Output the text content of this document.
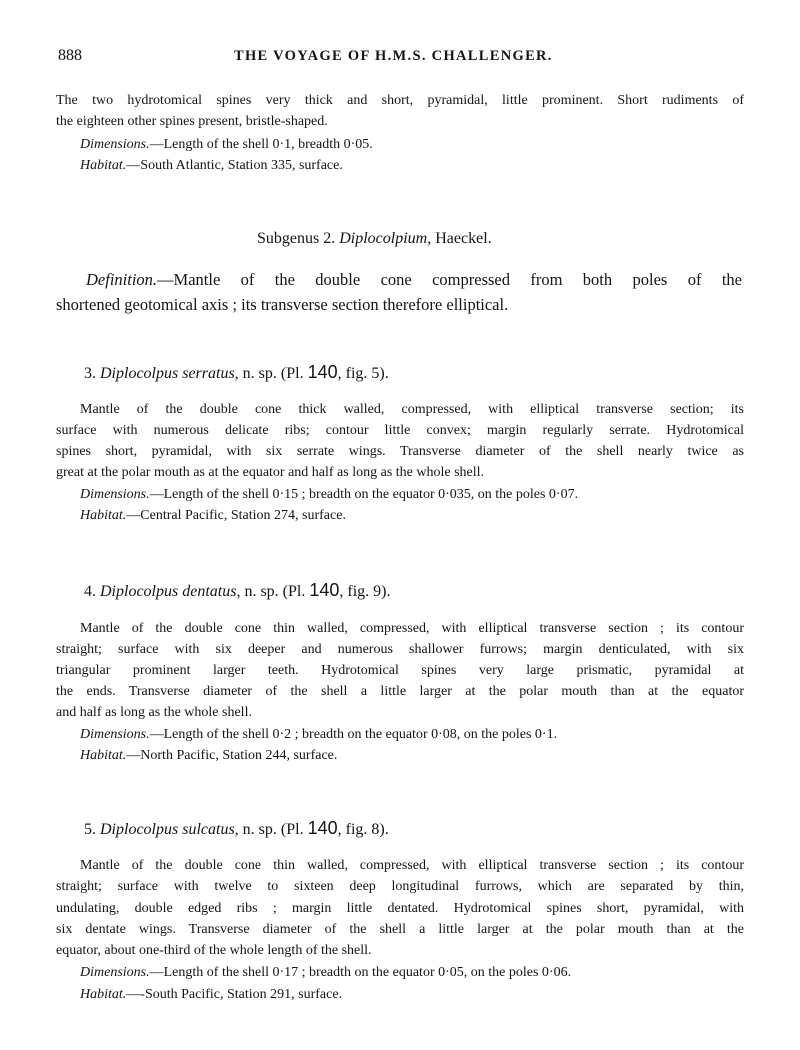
888	THE VOYAGE OF H.M.S. CHALLENGER.
The two hydrotomical spines very thick and short, pyramidal, little prominent. Short rudiments of
the eighteen other spines present, bristle-shaped.
Dimensions.—Length of the shell 0·1, breadth 0·05.
Habitat.—South Atlantic, Station 335, surface.
Subgenus 2. Diplocolpium, Haeckel.
Definition.—Mantle of the double cone compressed from both poles of the
shortened geotomical axis ; its transverse section therefore elliptical.
3. Diplocolpus serratus, n. sp. (Pl. 140, fig. 5).
Mantle of the double cone thick walled, compressed, with elliptical transverse section; its
surface with numerous delicate ribs; contour little convex; margin regularly serrate. Hydrotomical
spines short, pyramidal, with six serrate wings. Transverse diameter of the shell nearly twice as
great at the polar mouth as at the equator and half as long as the whole shell.
Dimensions.—Length of the shell 0·15 ; breadth on the equator 0·035, on the poles 0·07.
Habitat.—Central Pacific, Station 274, surface.
4. Diplocolpus dentatus, n. sp. (Pl. 140, fig. 9).
Mantle of the double cone thin walled, compressed, with elliptical transverse section ; its contour
straight; surface with six deeper and numerous shallower furrows; margin denticulated, with six
triangular prominent larger teeth. Hydrotomical spines very large prismatic, pyramidal at
the ends. Transverse diameter of the shell a little larger at the polar mouth than at the equator
and half as long as the whole shell.
Dimensions.—Length of the shell 0·2 ; breadth on the equator 0·08, on the poles 0·1.
Habitat.—North Pacific, Station 244, surface.
5. Diplocolpus sulcatus, n. sp. (Pl. 140, fig. 8).
Mantle of the double cone thin walled, compressed, with elliptical transverse section ; its contour
straight; surface with twelve to sixteen deep longitudinal furrows, which are separated by thin,
undulating, double edged ribs ; margin little dentated. Hydrotomical spines short, pyramidal, with
six dentate wings. Transverse diameter of the shell a little larger at the polar mouth than at the
equator, about one-third of the whole length of the shell.
Dimensions.—Length of the shell 0·17 ; breadth on the equator 0·05, on the poles 0·06.
Habitat.—-South Pacific, Station 291, surface.
